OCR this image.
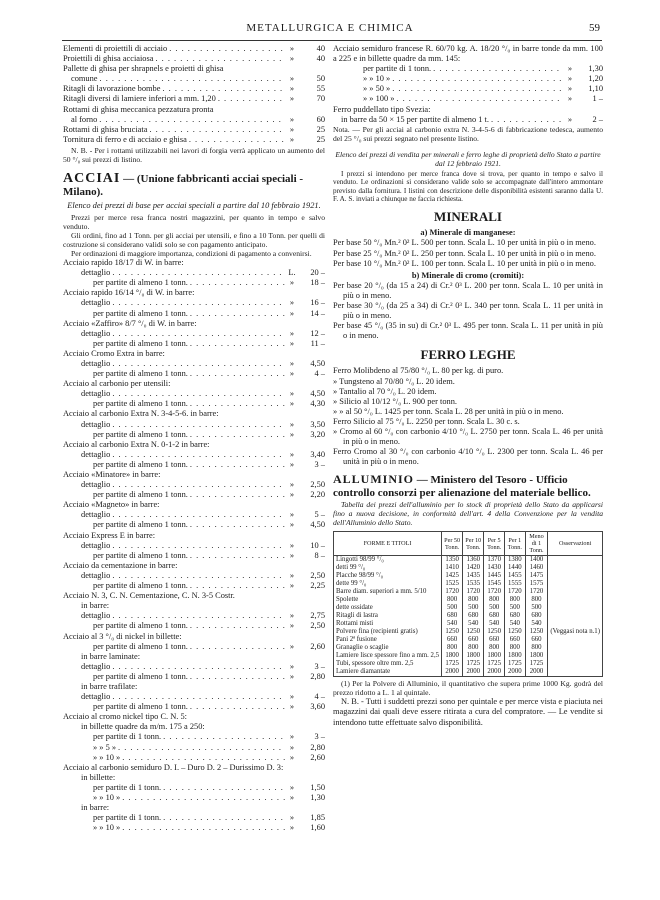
METALLURGICA E CHIMICA	59
Elementi di proiettili di acciaio . . .	»	40
Proiettili di ghisa acciaiosa . . .	»	40
Pallette di ghisa per shrapnels e proietti di ghisa
comune . . .	»	50
Ritagli di lavorazione bombe . . .	»	55
Ritagli diversi di lamiere inferiori a mm. 1,20 . . .	»	70
Rottami di ghisa meccanica pezzatura pronta
al forno . . .	»	60
Rottami di ghisa bruciata . . .	»	25
Tornitura di ferro e di acciaio e ghisa . . .	»	25
N. B. - Per i rottami utilizzabili nei lavori di forgia verrà applicato un aumento del 50 °/₀ sui prezzi di listino.
ACCIAI — (Unione fabbricanti acciai speciali - Milano).
Elenco dei prezzi di base per acciai speciali a partire dal 10 febbraio 1921.
Prezzi per merce resa franca nostri magazzini, per quanto in tempo e salvo venduto.
Gli ordini, fino ad 1 Tonn. per gli acciai per utensili, e fino a 10 Tonn. per quelli di costruzione si considerano validi solo se con pagamento anticipato.
Per ordinazioni di maggiore importanza, condizioni di pagamento a convenirsi.
Acciaio rapido 18/17 di W. in barre:
dettaglio . . .	L.	20 –
per partite di almeno 1 tonn. . . .	»	18 –
Acciaio rapido 16/14 °/₀ di W. in barre:
dettaglio . . .	»	16 –
per partite di almeno 1 tonn. . . .	»	14 –
Acciaio «Zaffiro» 8/7 °/₀ di W. in barre:
dettaglio . . .	»	12 –
per partite di almeno 1 tonn. . . .	»	11 –
Acciaio Cromo Extra in barre:
dettaglio . . .	»	4,50
per partite di almeno 1 tonn. . . .	»	4 –
Acciaio al carbonio per utensili:
dettaglio . . .	»	4,50
per partite di almeno 1 tonn. . . .	»	4,30
Acciaio al carbonio Extra N. 3-4-5-6. in barre:
dettaglio . . .	»	3,50
per partite di almeno 1 tonn. . . .	»	3,20
Acciaio al carbonio Extra N. 0-1-2 in barre:
dettaglio . . .	»	3,40
per partite di almeno 1 tonn. . . .	»	3 –
Acciaio «Minatore» in barre:
dettaglio . . .	»	2,50
per partite di almeno 1 tonn. . . .	»	2,20
Acciaio «Magneto» in barre:
dettaglio . . .	»	5 –
per partite di almeno 1 tonn. . . .	»	4,50
Acciaio Express E in barre:
dettaglio . . .	»	10 –
per partite di almeno 1 tonn. . . .	»	8 –
Acciaio da cementazione in barre:
dettaglio . . .	»	2,50
per partite di almeno 1 tonn. . . .	»	2,25
Acciaio N. 3, C. N. Cementazione, C. N. 3-5 Costr.
in barre:
dettaglio . . .	»	2,75
per partite di almeno 1 tonn. . . .	»	2,50
Acciaio al 3 °/₀ di nickel in billette:
per partite di almeno 1 tonn. . . .	»	2,60
in barre laminate:
dettaglio . . .	»	3 –
per partite di almeno 1 tonn. . . .	»	2,80
in barre trafilate:
dettaglio . . .	»	4 –
per partite di almeno 1 tonn. . . .	»	3,60
Acciaio al cromo nickel tipo C. N. 5:
in billette quadre da m/m. 175 a 250:
per partite di 1 tonn. . . .	»	3 –
» » 5 » . . .	»	2,80
» » 10 » . . .	»	2,60
Acciaio al carbonio semiduro D. I. – Duro D. 2 – Durissimo D. 3:
in billette:
per partite di 1 tonn. . . .	»	1,50
» » 10 » . . .	»	1,30
in barre:
per partite di 1 tonn. . . .	»	1,85
» » 10 » . . .	»	1,60
Acciaio semiduro francese R. 60/70 kg. A. 18/20 °/₀ in barre tonde da mm. 100 a 225 e in billette quadre da mm. 145:
per partite di 1 tonn. . . .	»	1,30
» » 10 » . . .	»	1,20
» » 50 » . . .	»	1,10
» » 100 » . . .	»	1 –
Ferro puddellato tipo Svezia:
in barre da 50 × 15 per partite di almeno 1 t. . . .	»	2 –
Nota. — Per gli acciai al carbonio extra N. 3-4-5-6 di fabbricazione tedesca, aumento del 25 °/₀ sui prezzi segnato nel presente listino.
Elenco dei prezzi di vendita per minerali e ferro leghe di proprietà dello Stato a partire dal 12 febbraio 1921.
I prezzi si intendono per merce franca dove si trova, per quanto in tempo e salvo il venduto. Le ordinazioni si considerano valide solo se accompagnate dall'intero ammontare previsto dalla fornitura. I listini con descrizione delle disponibilità esistenti saranno dalla U. F. A. S. inviati a chiunque ne faccia richiesta.
MINERALI
a) Minerale di manganese:
Per base 50 °/₀ Mn.² 0² L. 500 per tonn. Scala L. 10 per unità in più o in meno.
Per base 25 °/₀ Mn.² 0² L. 250 per tonn. Scala L. 10 per unità in più o in meno.
Per base 10 °/₀ Mn.² 0² L. 100 per tonn. Scala L. 10 per unità in più o in meno.
b) Minerale di cromo (cromiti):
Per base 20 °/₀ (da 15 a 24) di Cr.² 0³ L. 200 per tonn. Scala L. 10 per unità in più o in meno.
Per base 30 °/₀ (da 25 a 34) di Cr.² 0³ L. 340 per tonn. Scala L. 11 per unità in più o in meno.
Per base 45 °/₀ (35 in su) di Cr.² 0³ L. 495 per tonn. Scala L. 11 per unità in più o in meno.
FERRO LEGHE
Ferro Molibdeno al 75/80 °/₀ L. 80 per kg. di puro.
» Tungsteno al 70/80 °/₀ L. 20 idem.
» Tantalio al 70 °/₀ L. 20 idem.
» Silicio al 10/12 °/₀ L. 900 per tonn.
» » al 50 °/₀ L. 1425 per tonn. Scala L. 28 per unità in più o in meno.
Ferro Silicio al 75 °/₀ L. 2250 per tonn. Scala L. 30 c. s.
» Cromo al 60 °/₀ con carbonio 4/10 °/₀ L. 2750 per tonn. Scala L. 46 per unità in più o in meno.
Ferro Cromo al 30 °/₀ con carbonio 4/10 °/₀ L. 2300 per tonn. Scala L. 46 per unità in più o in meno.
ALLUMINIO — Ministero del Tesoro - Ufficio controllo consorzi per alienazione del materiale bellico.
Tabella dei prezzi dell'alluminio per lo stock di proprietà dello Stato da applicarsi fino a nuova decisione, in conformità dell'art. 4 della Convenzione per la vendita dell'Alluminio dello Stato.
FORME E TITOLI	Per 50 Tonn.	Per 10 Tonn.	Per 5 Tonn.	Per 1 Tonn.	Meno di 1 Tonn.	Osservazioni
Lingotti 98/99 °/₀	1350	1360	1370	1380	1400	
detti 99 °/₀	1410	1420	1430	1440	1460	
Placche 98/99 °/₀	1425	1435	1445	1455	1475	
dette 99 °/₀	1525	1535	1545	1555	1575	
Barre diam. superiori a mm. 5/10	1720	1720	1720	1720	1720	
Spolette	800	800	800	800	800	
dette ossidate	500	500	500	500	500	
Ritagli di lastra	680	680	680	680	680	
Rottami misti	540	540	540	540	540	
Polvere fina (recipienti gratis)	1250	1250	1250	1250	1250	(Veggasi nota n.1)
Pani 2ª fusione	660	660	660	660	660	
Granaglie o scaglie	800	800	800	800	800	
Lamiere lisce spessore fino a mm. 2,5	1800	1800	1800	1800	1800	
Tubi, spessore oltre mm. 2,5	1725	1725	1725	1725	1725	
Lamiere diamantate	2000	2000	2000	2000	2000	
(1) Per la Polvere di Alluminio, il quantitativo che supera prime 1000 Kg. godrà del prezzo ridotto a L. 1 al quintale.
N. B. - Tutti i suddetti prezzi sono per quintale e per merce vista e piaciuta nei magazzini dai quali deve essere ritirata a cura del compratore. — Le vendite si intendono tutte effettuate salvo disponibilità.
